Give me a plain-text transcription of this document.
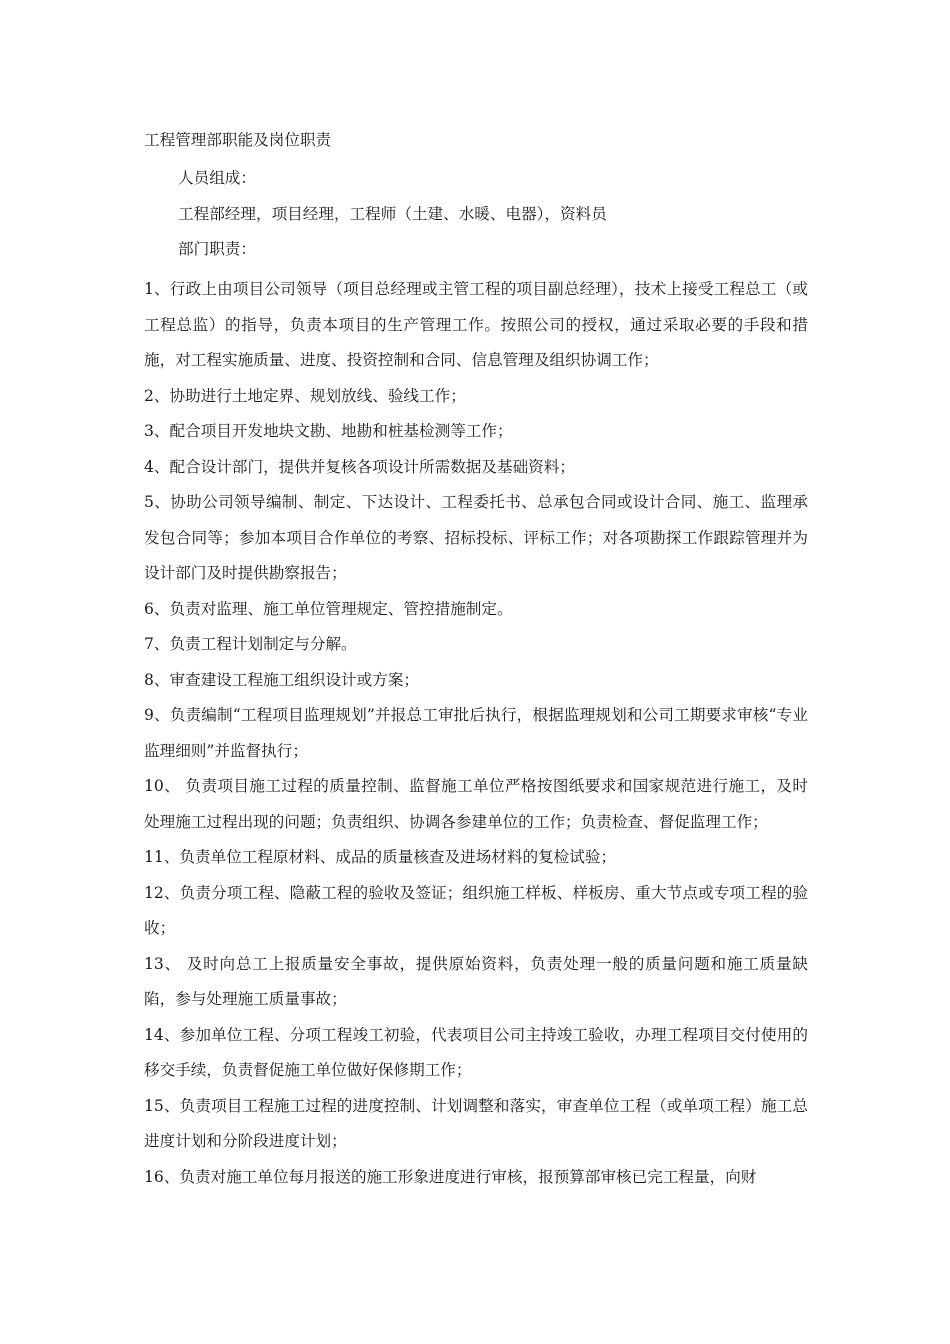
工程管理部职能及岗位职责
人员组成：
工程部经理，项目经理，工程师（土建、水暖、电器），资料员
部门职责：
1、行政上由项目公司领导（项目总经理或主管工程的项目副总经理），技术上接受工程总工（或工程总监）的指导，负责本项目的生产管理工作。按照公司的授权，通过采取必要的手段和措施，对工程实施质量、进度、投资控制和合同、信息管理及组织协调工作；
2、协助进行土地定界、规划放线、验线工作；
3、配合项目开发地块文勘、地勘和桩基检测等工作；
4、配合设计部门，提供并复核各项设计所需数据及基础资料；
5、协助公司领导编制、制定、下达设计、工程委托书、总承包合同或设计合同、施工、监理承发包合同等；参加本项目合作单位的考察、招标投标、评标工作；对各项勘探工作跟踪管理并为设计部门及时提供勘察报告；
6、负责对监理、施工单位管理规定、管控措施制定。
7、负责工程计划制定与分解。
8、审查建设工程施工组织设计或方案；
9、负责编制“工程项目监理规划”并报总工审批后执行，根据监理规划和公司工期要求审核“专业监理细则”并监督执行；
10、 负责项目施工过程的质量控制、监督施工单位严格按图纸要求和国家规范进行施工，及时处理施工过程出现的问题；负责组织、协调各参建单位的工作；负责检查、督促监理工作；
11、负责单位工程原材料、成品的质量核查及进场材料的复检试验；
12、负责分项工程、隐蔽工程的验收及签证；组织施工样板、样板房、重大节点或专项工程的验收；
13、 及时向总工上报质量安全事故，提供原始资料，负责处理一般的质量问题和施工质量缺陷，参与处理施工质量事故；
14、参加单位工程、分项工程竣工初验，代表项目公司主持竣工验收，办理工程项目交付使用的移交手续，负责督促施工单位做好保修期工作；
15、负责项目工程施工过程的进度控制、计划调整和落实，审查单位工程（或单项工程）施工总进度计划和分阶段进度计划；
16、负责对施工单位每月报送的施工形象进度进行审核，报预算部审核已完工程量，向财
